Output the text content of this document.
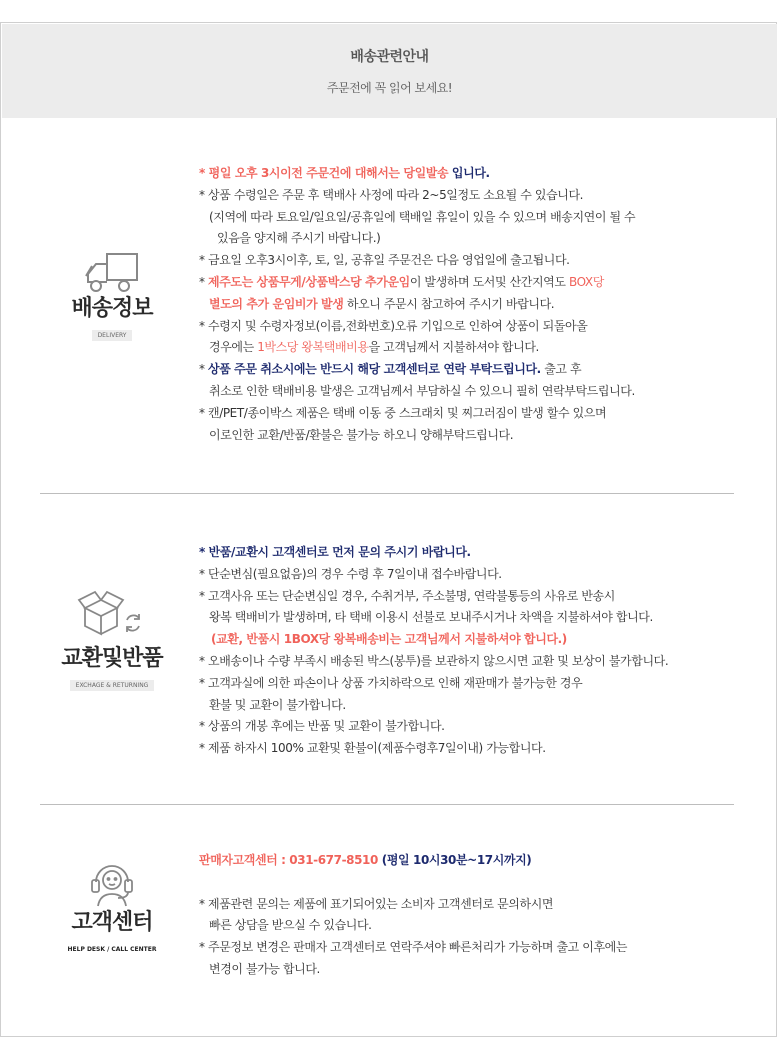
배송관련안내
주문전에 꼭 읽어 보세요!
배송정보
DELIVERY
* 평일 오후 3시이전 주문건에 대해서는 당일발송 입니다.
* 상품 수령일은 주문 후 택배사 사정에 따라 2~5일정도 소요될 수 있습니다.
(지역에 따라 토요일/일요일/공휴일에 택배일 휴일이 있을 수 있으며 배송지연이 될 수
있음을 양지해 주시기 바랍니다.)
* 금요일 오후3시이후, 토, 일, 공휴일 주문건은 다음 영업일에 출고됩니다.
* 제주도는 상품무게/상품박스당 추가운임이 발생하며 도서및 산간지역도 BOX당
별도의 추가 운임비가 발생 하오니 주문시 참고하여 주시기 바랍니다.
* 수령지 및 수령자정보(이름,전화번호)오류 기입으로 인하여 상품이 되돌아올
경우에는 1박스당 왕복택배비용을 고객님께서 지불하셔야 합니다.
* 상품 주문 취소시에는 반드시 해당 고객센터로 연락 부탁드립니다. 출고 후
취소로 인한 택배비용 발생은 고객님께서 부담하실 수 있으니 필히 연락부탁드립니다.
* 캔/PET/종이박스 제품은 택배 이동 중 스크래치 및 찌그러짐이 발생 할수 있으며
이로인한 교환/반품/환불은 불가능 하오니 양해부탁드립니다.
교환및반품
EXCHAGE & RETURNING
* 반품/교환시 고객센터로 먼저 문의 주시기 바랍니다.
* 단순변심(필요없음)의 경우 수령 후 7일이내 접수바랍니다.
* 고객사유 또는 단순변심일 경우, 수취거부, 주소불명, 연락불통등의 사유로 반송시
왕복 택배비가 발생하며, 타 택배 이용시 선불로 보내주시거나 차액을 지불하셔야 합니다.
(교환, 반품시 1BOX당 왕복배송비는 고객님께서 지불하셔야 합니다.)
* 오배송이나 수량 부족시 배송된 박스(봉투)를 보관하지 않으시면 교환 및 보상이 불가합니다.
* 고객과실에 의한 파손이나 상품 가치하락으로 인해 재판매가 불가능한 경우
환불 및 교환이 불가합니다.
* 상품의 개봉 후에는 반품 및 교환이 불가합니다.
* 제품 하자시 100% 교환및 환불이(제품수령후7일이내) 가능합니다.
고객센터
HELP DESK / CALL CENTER
판매자고객센터 : 031-677-8510 (평일 10시30분~17시까지)
* 제품관련 문의는 제품에 표기되어있는 소비자 고객센터로 문의하시면
빠른 상담을 받으실 수 있습니다.
* 주문정보 변경은 판매자 고객센터로 연락주셔야 빠른처리가 가능하며 출고 이후에는
변경이 불가능 합니다.
